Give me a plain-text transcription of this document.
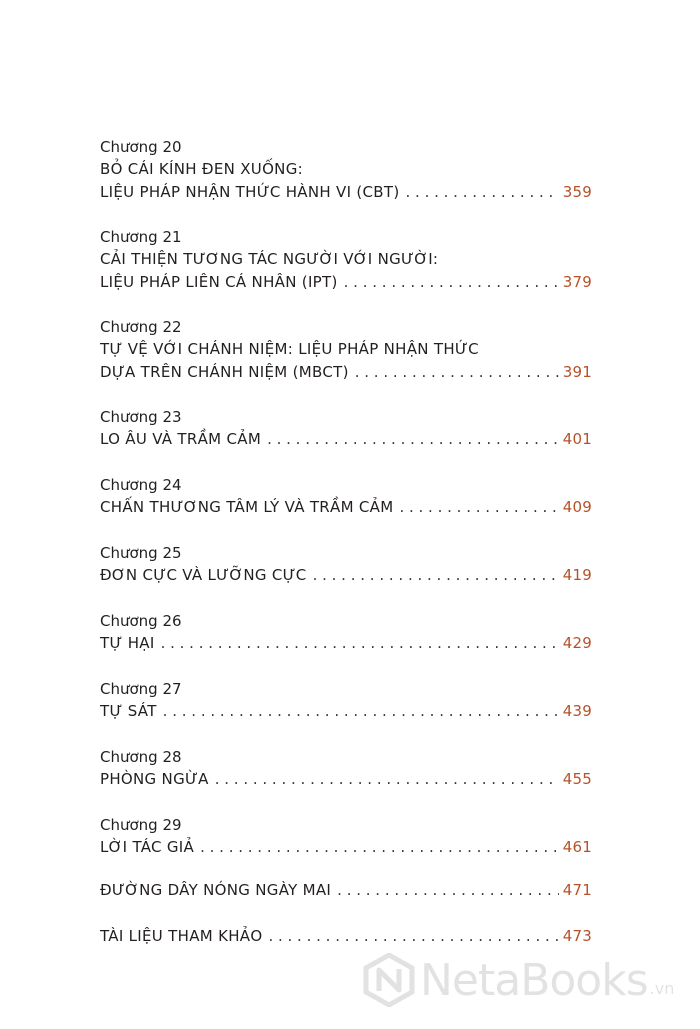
Chương 20
BỎ CÁI KÍNH ĐEN XUỐNG:
LIỆU PHÁP NHẬN THỨC HÀNH VI (CBT) . . .	359
Chương 21
CẢI THIỆN TƯƠNG TÁC NGƯỜI VỚI NGƯỜI:
LIỆU PHÁP LIÊN CÁ NHÂN (IPT) . . .	379
Chương 22
TỰ VỆ VỚI CHÁNH NIỆM: LIỆU PHÁP NHẬN THỨC
DỰA TRÊN CHÁNH NIỆM (MBCT) . . .	391
Chương 23
LO ÂU VÀ TRẦM CẢM . . .	401
Chương 24
CHẤN THƯƠNG TÂM LÝ VÀ TRẦM CẢM . . .	409
Chương 25
ĐƠN CỰC VÀ LƯỠNG CỰC . . .	419
Chương 26
TỰ HẠI . . .	429
Chương 27
TỰ SÁT . . .	439
Chương 28
PHÒNG NGỪA . . .	455
Chương 29
LỜI TÁC GIẢ . . .	461
ĐƯỜNG DÂY NÓNG NGÀY MAI . . .	471
TÀI LIỆU THAM KHẢO . . .	473
NetaBooks .vn
